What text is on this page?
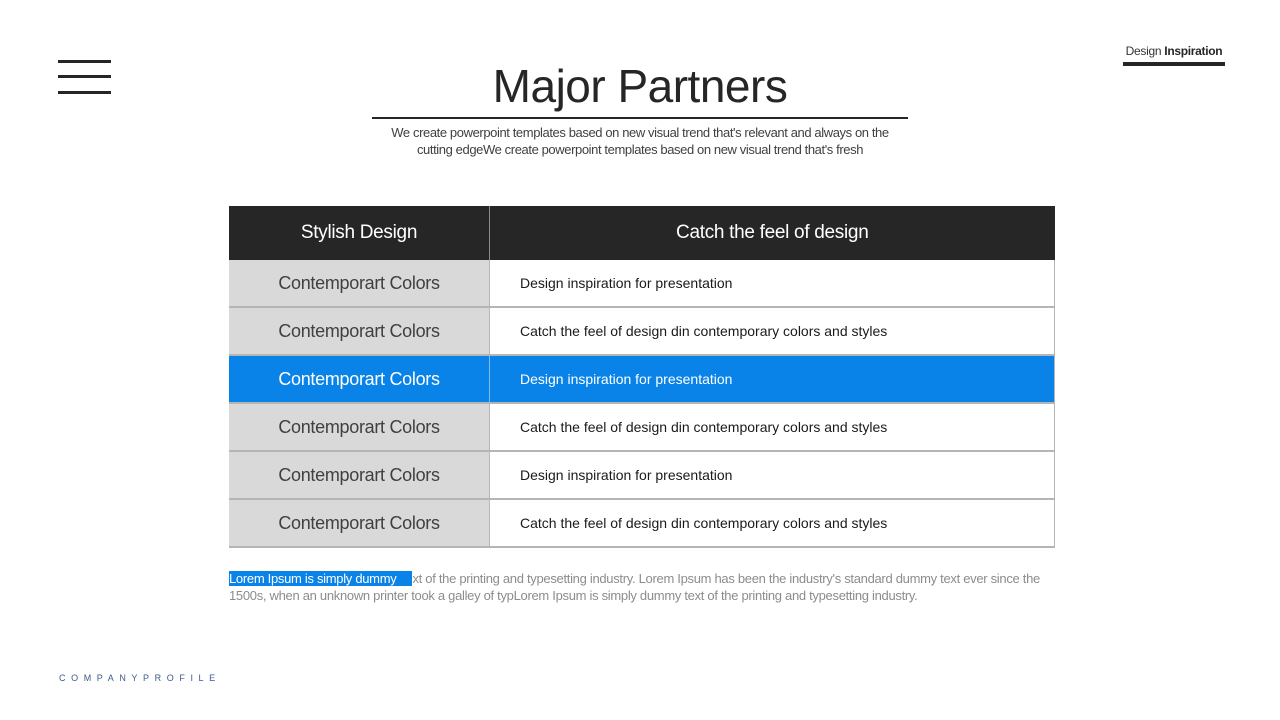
Design Inspiration
Major Partners
We create powerpoint templates based on new visual trend that's relevant and always on the cutting edgeWe create powerpoint templates based on new visual trend that's fresh
Stylish Design	Catch the feel of design
Contemporart Colors	Design inspiration for presentation
Contemporart Colors	Catch the feel of design din contemporary colors and styles
Contemporart Colors	Design inspiration for presentation
Contemporart Colors	Catch the feel of design din contemporary colors and styles
Contemporart Colors	Design inspiration for presentation
Contemporart Colors	Catch the feel of design din contemporary colors and styles
Lorem Ipsum is simply dummy xt of the printing and typesetting industry. Lorem Ipsum has been the industry's standard dummy text ever since the 1500s, when an unknown printer took a galley of typLorem Ipsum is simply dummy text of the printing and typesetting industry.
COMPANYPROFILE
